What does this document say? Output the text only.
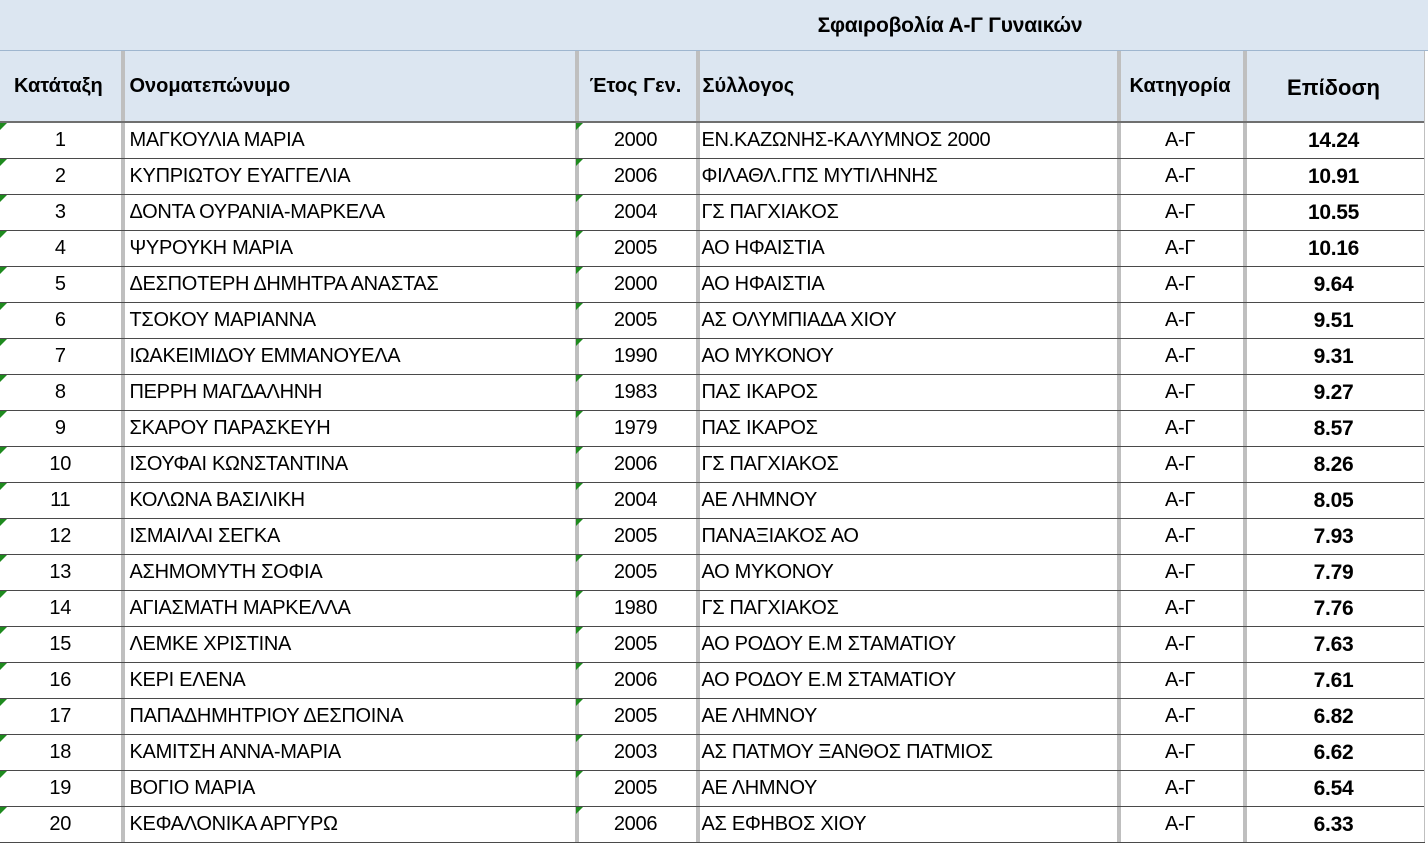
Σφαιροβολία Α-Γ Γυναικών
Κατάταξη	Ονοματεπώνυμο	Έτος Γεν.	Σύλλογος	Κατηγορία	Επίδοση

1	ΜΑΓΚΟΥΛΙΑ ΜΑΡΙΑ	2000	ΕΝ.ΚΑΖΩΝΗΣ-ΚΑΛΥΜΝΟΣ 2000	Α-Γ	14.24

2	ΚΥΠΡΙΩΤΟΥ ΕΥΑΓΓΕΛΙΑ	2006	ΦΙΛΑΘΛ.ΓΠΣ ΜΥΤΙΛΗΝΗΣ	Α-Γ	10.91

3	ΔΟΝΤΑ ΟΥΡΑΝΙΑ-ΜΑΡΚΕΛΑ	2004	ΓΣ ΠΑΓΧΙΑΚΟΣ	Α-Γ	10.55

4	ΨΥΡΟΥΚΗ ΜΑΡΙΑ	2005	ΑΟ ΗΦΑΙΣΤΙΑ	Α-Γ	10.16

5	ΔΕΣΠΟΤΕΡΗ ΔΗΜΗΤΡΑ ΑΝΑΣΤΑΣ	2000	ΑΟ ΗΦΑΙΣΤΙΑ	Α-Γ	9.64

6	ΤΣΟΚΟΥ ΜΑΡΙΑΝΝΑ	2005	ΑΣ ΟΛΥΜΠΙΑΔΑ ΧΙΟΥ	Α-Γ	9.51

7	ΙΩΑΚΕΙΜΙΔΟΥ ΕΜΜΑΝΟΥΕΛΑ	1990	ΑΟ ΜΥΚΟΝΟΥ	Α-Γ	9.31

8	ΠΕΡΡΗ ΜΑΓΔΑΛΗΝΗ	1983	ΠΑΣ ΙΚΑΡΟΣ	Α-Γ	9.27

9	ΣΚΑΡΟΥ ΠΑΡΑΣΚΕΥΗ	1979	ΠΑΣ ΙΚΑΡΟΣ	Α-Γ	8.57

10	ΙΣΟΥΦΑΙ ΚΩΝΣΤΑΝΤΙΝΑ	2006	ΓΣ ΠΑΓΧΙΑΚΟΣ	Α-Γ	8.26

11	ΚΟΛΩΝΑ ΒΑΣΙΛΙΚΗ	2004	ΑΕ ΛΗΜΝΟΥ	Α-Γ	8.05

12	ΙΣΜΑΙΛΑΙ ΣΕΓΚΑ	2005	ΠΑΝΑΞΙΑΚΟΣ ΑΟ	Α-Γ	7.93

13	ΑΣΗΜΟΜΥΤΗ ΣΟΦΙΑ	2005	ΑΟ ΜΥΚΟΝΟΥ	Α-Γ	7.79

14	ΑΓΙΑΣΜΑΤΗ ΜΑΡΚΕΛΛΑ	1980	ΓΣ ΠΑΓΧΙΑΚΟΣ	Α-Γ	7.76

15	ΛΕΜΚΕ ΧΡΙΣΤΙΝΑ	2005	ΑΟ ΡΟΔΟΥ Ε.Μ ΣΤΑΜΑΤΙΟΥ	Α-Γ	7.63

16	ΚΕΡΙ ΕΛΕΝΑ	2006	ΑΟ ΡΟΔΟΥ Ε.Μ ΣΤΑΜΑΤΙΟΥ	Α-Γ	7.61

17	ΠΑΠΑΔΗΜΗΤΡΙΟΥ ΔΕΣΠΟΙΝΑ	2005	ΑΕ ΛΗΜΝΟΥ	Α-Γ	6.82

18	ΚΑΜΙΤΣΗ ΑΝΝΑ-ΜΑΡΙΑ	2003	ΑΣ ΠΑΤΜΟΥ ΞΑΝΘΟΣ ΠΑΤΜΙΟΣ	Α-Γ	6.62

19	ΒΟΓΙΟ ΜΑΡΙΑ	2005	ΑΕ ΛΗΜΝΟΥ	Α-Γ	6.54

20	ΚΕΦΑΛΟΝΙΚΑ ΑΡΓΥΡΩ	2006	ΑΣ ΕΦΗΒΟΣ ΧΙΟΥ	Α-Γ	6.33
